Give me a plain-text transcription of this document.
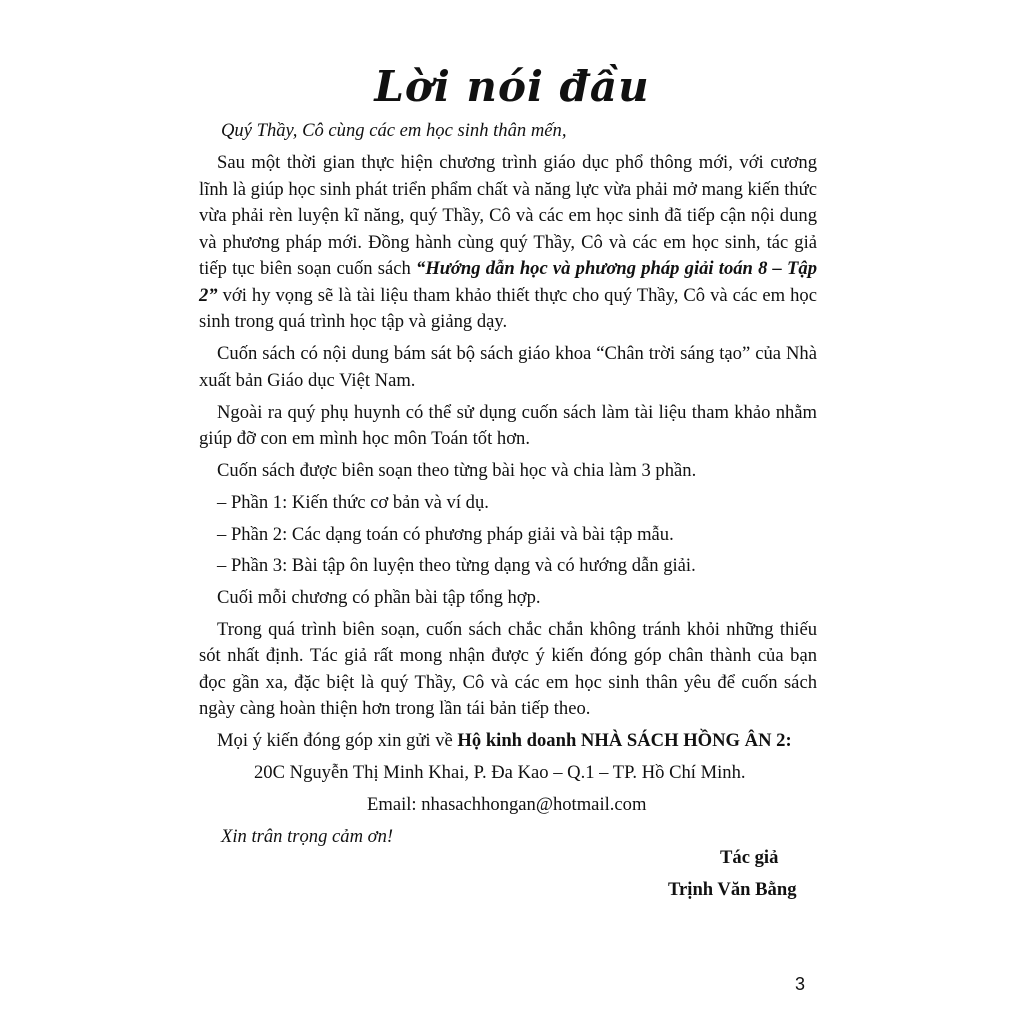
Lời nói đầu

Quý Thầy, Cô cùng các em học sinh thân mến,

Sau một thời gian thực hiện chương trình giáo dục phổ thông mới, với cương lĩnh là giúp học sinh phát triển phẩm chất và năng lực vừa phải mở mang kiến thức vừa phải rèn luyện kĩ năng, quý Thầy, Cô và các em học sinh đã tiếp cận nội dung và phương pháp mới. Đồng hành cùng quý Thầy, Cô và các em học sinh, tác giả tiếp tục biên soạn cuốn sách “Hướng dẫn học và phương pháp giải toán 8 – Tập 2” với hy vọng sẽ là tài liệu tham khảo thiết thực cho quý Thầy, Cô và các em học sinh trong quá trình học tập và giảng dạy.

Cuốn sách có nội dung bám sát bộ sách giáo khoa “Chân trời sáng tạo” của Nhà xuất bản Giáo dục Việt Nam.

Ngoài ra quý phụ huynh có thể sử dụng cuốn sách làm tài liệu tham khảo nhằm giúp đỡ con em mình học môn Toán tốt hơn.

Cuốn sách được biên soạn theo từng bài học và chia làm 3 phần.

– Phần 1: Kiến thức cơ bản và ví dụ.

– Phần 2: Các dạng toán có phương pháp giải và bài tập mẫu.

– Phần 3: Bài tập ôn luyện theo từng dạng và có hướng dẫn giải.

Cuối mỗi chương có phần bài tập tổng hợp.

Trong quá trình biên soạn, cuốn sách chắc chắn không tránh khỏi những thiếu sót nhất định. Tác giả rất mong nhận được ý kiến đóng góp chân thành của bạn đọc gần xa, đặc biệt là quý Thầy, Cô và các em học sinh thân yêu để cuốn sách ngày càng hoàn thiện hơn trong lần tái bản tiếp theo.

Mọi ý kiến đóng góp xin gửi về Hộ kinh doanh NHÀ SÁCH HỒNG ÂN 2:

20C Nguyễn Thị Minh Khai, P. Đa Kao – Q.1 – TP. Hồ Chí Minh.

Email: nhasachhongan@hotmail.com

Xin trân trọng cảm ơn!

Tác giả
Trịnh Văn Bằng
3
